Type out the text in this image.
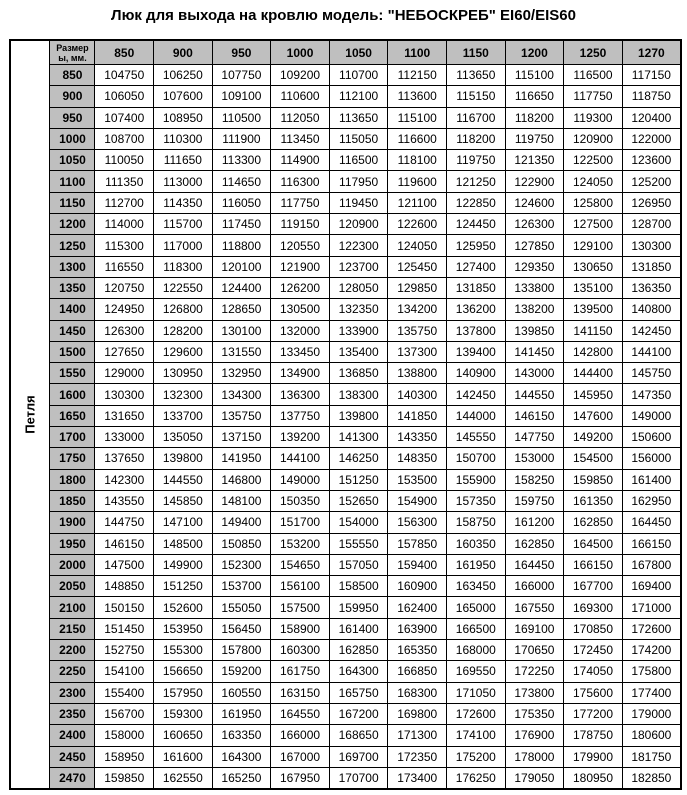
Люк для выхода на кровлю модель: "НЕБОСКРЕБ" EI60/EIS60
Петля	Размер ы, мм.	850	900	950	1000	1050	1100	1150	1200	1250	1270
	850	104750	106250	107750	109200	110700	112150	113650	115100	116500	117150
	900	106050	107600	109100	110600	112100	113600	115150	116650	117750	118750
	950	107400	108950	110500	112050	113650	115100	116700	118200	119300	120400
	1000	108700	110300	111900	113450	115050	116600	118200	119750	120900	122000
	1050	110050	111650	113300	114900	116500	118100	119750	121350	122500	123600
	1100	111350	113000	114650	116300	117950	119600	121250	122900	124050	125200
	1150	112700	114350	116050	117750	119450	121100	122850	124600	125800	126950
	1200	114000	115700	117450	119150	120900	122600	124450	126300	127500	128700
	1250	115300	117000	118800	120550	122300	124050	125950	127850	129100	130300
	1300	116550	118300	120100	121900	123700	125450	127400	129350	130650	131850
	1350	120750	122550	124400	126200	128050	129850	131850	133800	135100	136350
	1400	124950	126800	128650	130500	132350	134200	136200	138200	139500	140800
	1450	126300	128200	130100	132000	133900	135750	137800	139850	141150	142450
	1500	127650	129600	131550	133450	135400	137300	139400	141450	142800	144100
	1550	129000	130950	132950	134900	136850	138800	140900	143000	144400	145750
	1600	130300	132300	134300	136300	138300	140300	142450	144550	145950	147350
	1650	131650	133700	135750	137750	139800	141850	144000	146150	147600	149000
	1700	133000	135050	137150	139200	141300	143350	145550	147750	149200	150600
	1750	137650	139800	141950	144100	146250	148350	150700	153000	154500	156000
	1800	142300	144550	146800	149000	151250	153500	155900	158250	159850	161400
	1850	143550	145850	148100	150350	152650	154900	157350	159750	161350	162950
	1900	144750	147100	149400	151700	154000	156300	158750	161200	162850	164450
	1950	146150	148500	150850	153200	155550	157850	160350	162850	164500	166150
	2000	147500	149900	152300	154650	157050	159400	161950	164450	166150	167800
	2050	148850	151250	153700	156100	158500	160900	163450	166000	167700	169400
	2100	150150	152600	155050	157500	159950	162400	165000	167550	169300	171000
	2150	151450	153950	156450	158900	161400	163900	166500	169100	170850	172600
	2200	152750	155300	157800	160300	162850	165350	168000	170650	172450	174200
	2250	154100	156650	159200	161750	164300	166850	169550	172250	174050	175800
	2300	155400	157950	160550	163150	165750	168300	171050	173800	175600	177400
	2350	156700	159300	161950	164550	167200	169800	172600	175350	177200	179000
	2400	158000	160650	163350	166000	168650	171300	174100	176900	178750	180600
	2450	158950	161600	164300	167000	169700	172350	175200	178000	179900	181750
	2470	159850	162550	165250	167950	170700	173400	176250	179050	180950	182850
